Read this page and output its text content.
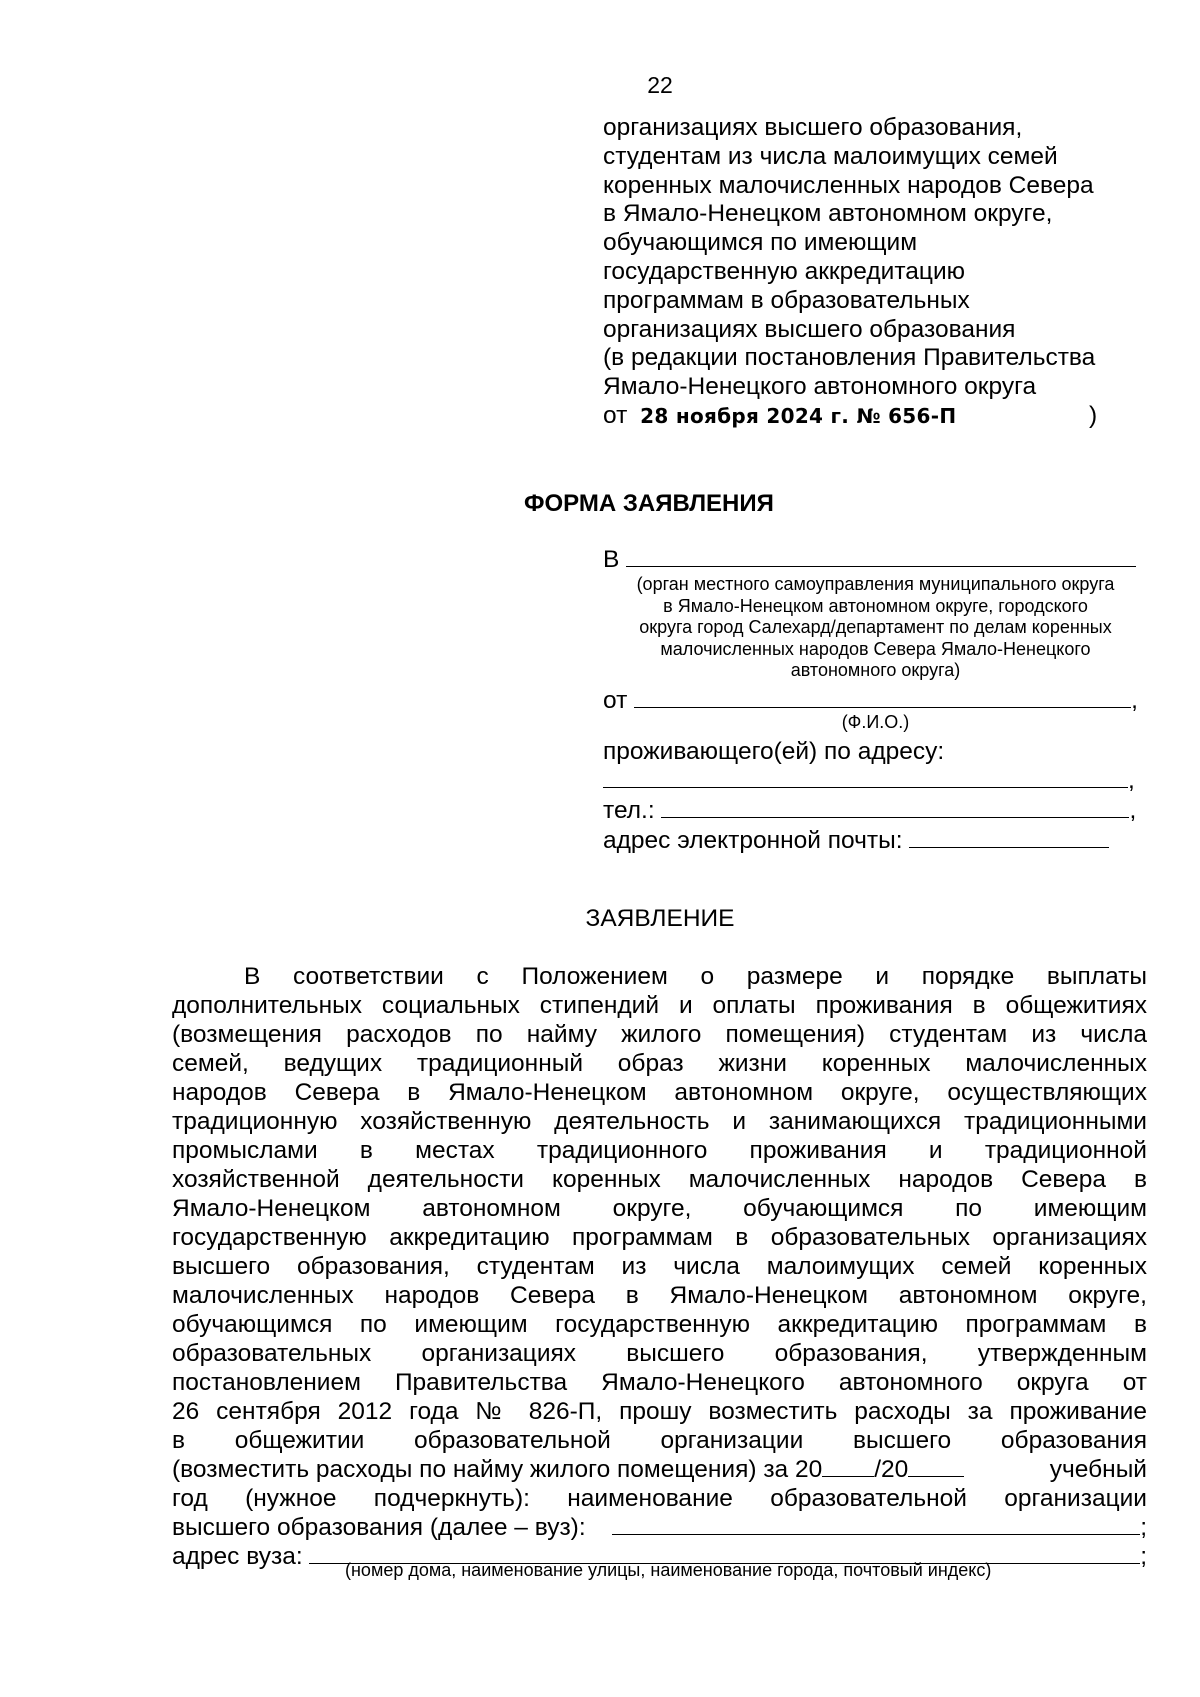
22
организациях высшего образования,
студентам из числа малоимущих семей
коренных малочисленных народов Севера
в Ямало-Ненецком автономном округе,
обучающимся по имеющим
государственную аккредитацию
программам в образовательных
организациях высшего образования
(в редакции постановления Правительства
Ямало-Ненецкого автономного округа
от 28 ноября 2024 г. № 656-П	)
ФОРМА ЗАЯВЛЕНИЯ
В
(орган местного самоуправления муниципального округа
в Ямало-Ненецком автономном округе, городского
округа город Салехард/департамент по делам коренных
малочисленных народов Севера Ямало-Ненецкого
автономного округа)
от	,
(Ф.И.О.)
проживающего(ей) по адресу:
,
тел.:	,
адрес электронной почты:
ЗАЯВЛЕНИЕ
В соответствии с Положением о размере и порядке выплаты
дополнительных социальных стипендий и оплаты проживания в общежитиях
(возмещения расходов по найму жилого помещения) студентам из числа
семей, ведущих традиционный образ жизни коренных малочисленных
народов Севера в Ямало-Ненецком автономном округе, осуществляющих
традиционную хозяйственную деятельность и занимающихся традиционными
промыслами в местах традиционного проживания и традиционной
хозяйственной деятельности коренных малочисленных народов Севера в
Ямало-Ненецком автономном округе, обучающимся по имеющим
государственную аккредитацию программам в образовательных организациях
высшего образования, студентам из числа малоимущих семей коренных
малочисленных народов Севера в Ямало-Ненецком автономном округе,
обучающимся по имеющим государственную аккредитацию программам в
образовательных организациях высшего образования, утвержденным
постановлением Правительства Ямало-Ненецкого автономного округа от
26 сентября 2012 года № 826-П, прошу возместить расходы за проживание
в общежитии образовательной организации высшего образования
(возместить расходы по найму жилого помещения) за 20 /20	учебный
год (нужное подчеркнуть): наименование образовательной организации
высшего образования (далее – вуз):	;
адрес вуза:	;
(номер дома, наименование улицы, наименование города, почтовый индекс)
